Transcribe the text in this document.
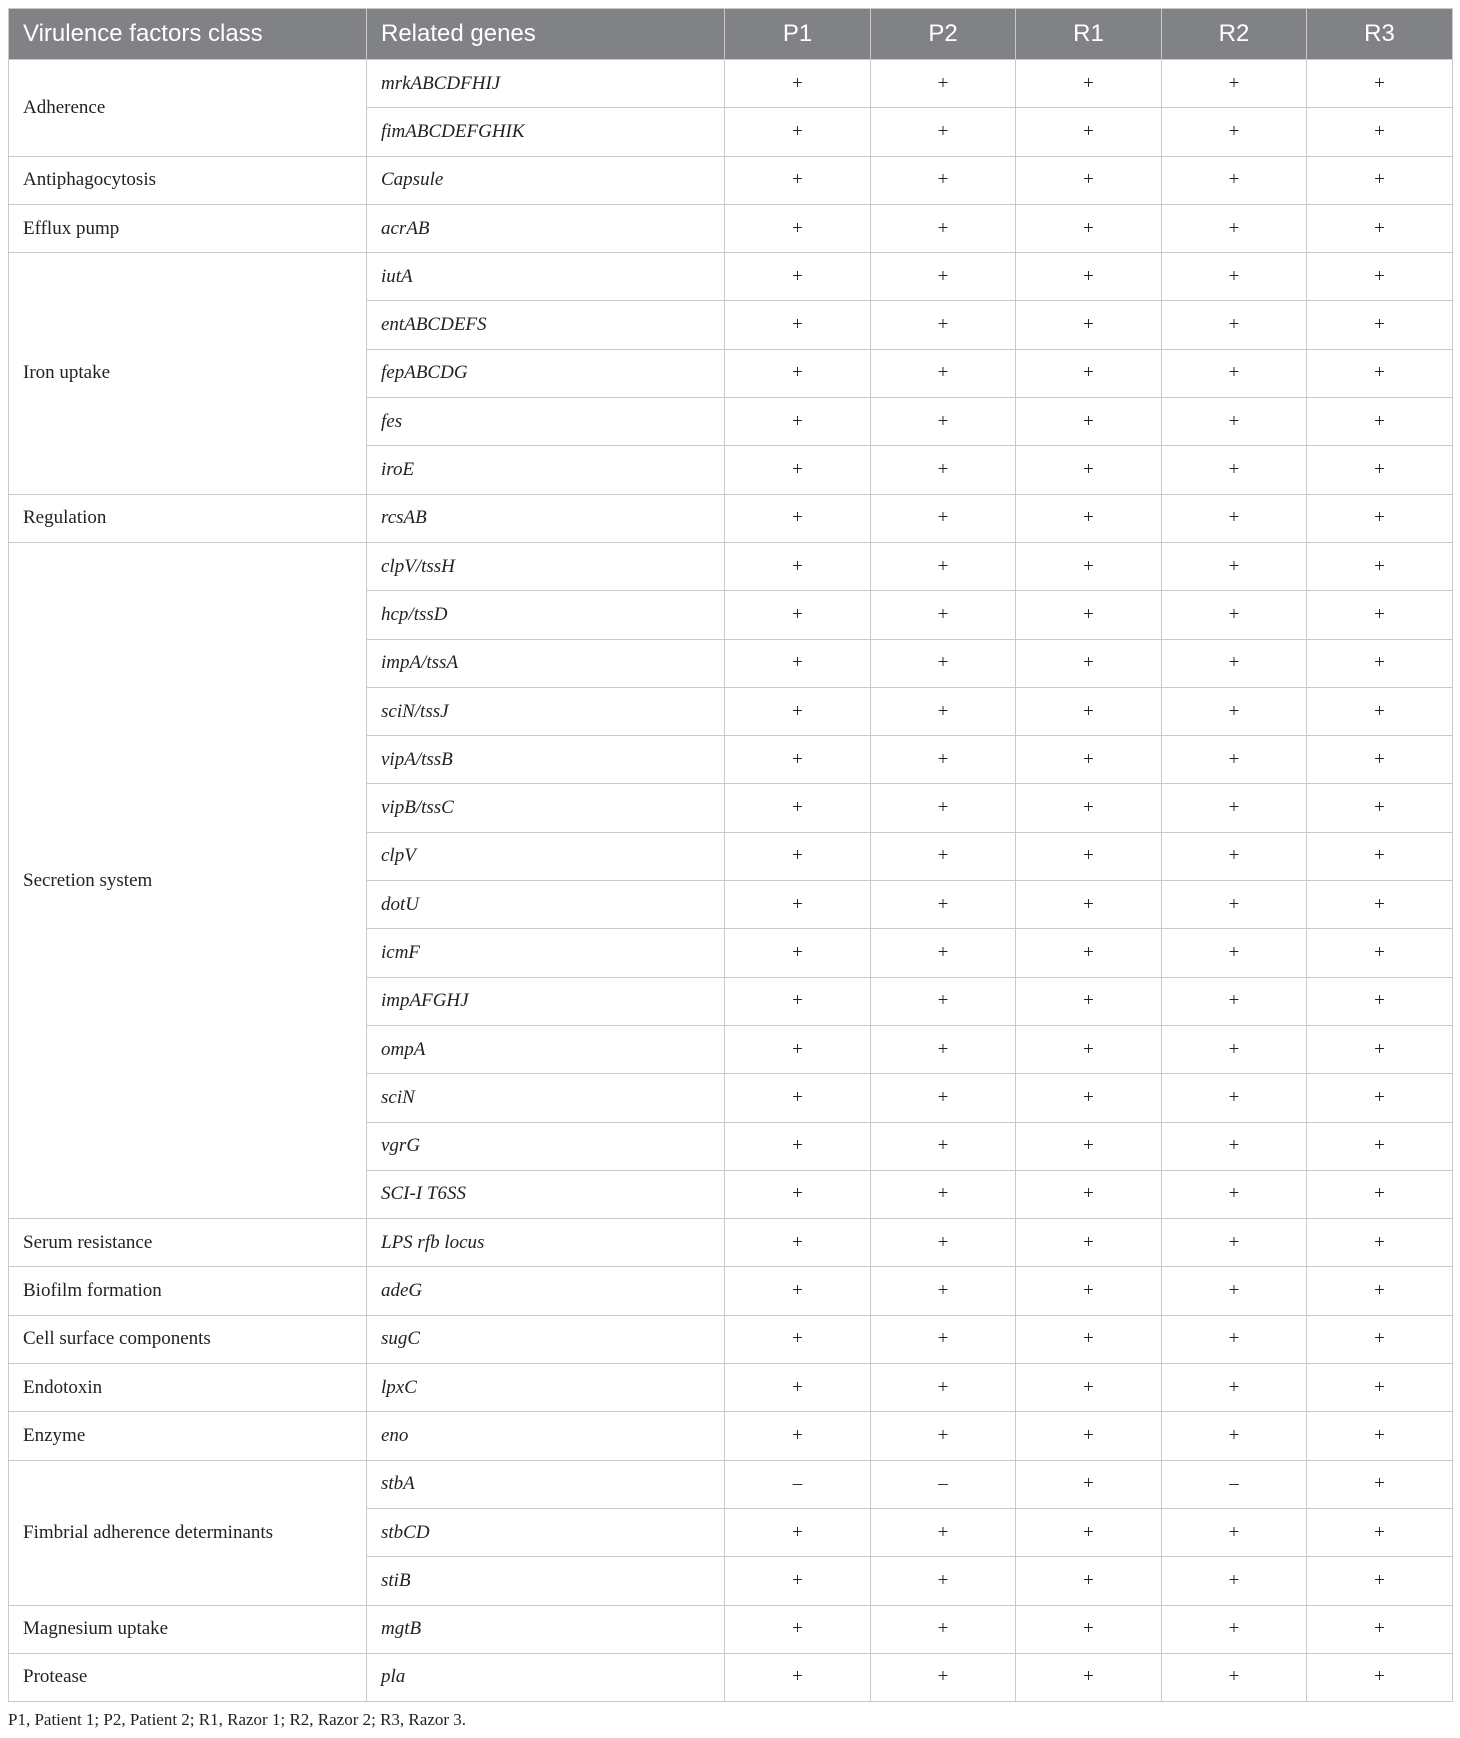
Virulence factors class	Related genes	P1	P2	R1	R2	R3
Adherence	mrkABCDFHIJ	+	+	+	+	+
	fimABCDEFGHIK	+	+	+	+	+
Antiphagocytosis	Capsule	+	+	+	+	+
Efflux pump	acrAB	+	+	+	+	+
Iron uptake	iutA	+	+	+	+	+
	entABCDEFS	+	+	+	+	+
	fepABCDG	+	+	+	+	+
	fes	+	+	+	+	+
	iroE	+	+	+	+	+
Regulation	rcsAB	+	+	+	+	+
Secretion system	clpV/tssH	+	+	+	+	+
	hcp/tssD	+	+	+	+	+
	impA/tssA	+	+	+	+	+
	sciN/tssJ	+	+	+	+	+
	vipA/tssB	+	+	+	+	+
	vipB/tssC	+	+	+	+	+
	clpV	+	+	+	+	+
	dotU	+	+	+	+	+
	icmF	+	+	+	+	+
	impAFGHJ	+	+	+	+	+
	ompA	+	+	+	+	+
	sciN	+	+	+	+	+
	vgrG	+	+	+	+	+
	SCI-I T6SS	+	+	+	+	+
Serum resistance	LPS rfb locus	+	+	+	+	+
Biofilm formation	adeG	+	+	+	+	+
Cell surface components	sugC	+	+	+	+	+
Endotoxin	lpxC	+	+	+	+	+
Enzyme	eno	+	+	+	+	+
Fimbrial adherence determinants	stbA	–	–	+	–	+
	stbCD	+	+	+	+	+
	stiB	+	+	+	+	+
Magnesium uptake	mgtB	+	+	+	+	+
Protease	pla	+	+	+	+	+
P1, Patient 1; P2, Patient 2; R1, Razor 1; R2, Razor 2; R3, Razor 3.
